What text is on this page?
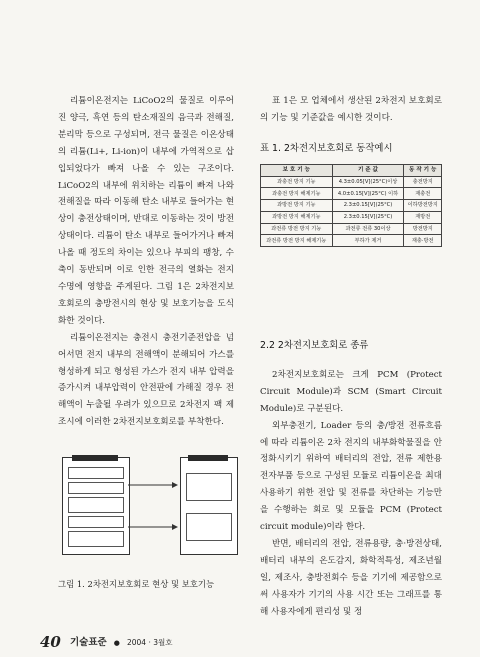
리튬이온전지는 LiCoO2의 물질로 이루어진 양극, 흑연 등의 탄소재질의 음극과 전해질, 분리막 등으로 구성되며, 전극 물질은 이온상태의 리튬(Li+, Li-ion)이 내부에 가역적으로 삽입되었다가 빠져 나올 수 있는 구조이다. LiCoO2의 내부에 위치하는 리튬이 빠져 나와 전해질을 따라 이동해 탄소 내부로 들어가는 현상이 충전상태이며, 반대로 이동하는 것이 방전상태이다. 리튬이 탄소 내부로 들어가거나 빠져 나올 때 정도의 차이는 있으나 부피의 팽창, 수축이 동반되며 이로 인한 전극의 열화는 전지 수명에 영향을 주게된다. 그림 1은 2차전지보호회로의 충방전시의 현상 및 보호기능을 도식화한 것이다.

리튬이온전지는 충전시 충전기준전압을 넘어서면 전지 내부의 전해액이 분해되어 가스를 형성하게 되고 형성된 가스가 전지 내부 압력을 증가시켜 내부압력이 안전판에 가해질 경우 전해액이 누출될 우려가 있으므로 2차전지 팩 제조시에 이러한 2차전지보호회로를 부착한다.

표 1은 모 업체에서 생산된 2차전지 보호회로의 기능 및 기준값을 예시한 것이다.

표 1. 2차전지보호회로 동작예시
보 호 기 능	기 준 값	동 작 기 능
과충전 방지 기능	4.3±0.05[V](25°C)이상	충전방지
과충전 방지 해제기능	4.0±0.15[V](25°C) 이하	재충전
과방전 방지 기능	2.3±0.15[V](25°C)	이하방전방지
과방전 방지 해제기능	2.3±0.15[V](25°C)	재방전
과전류 방전 방지 기능	과전류 전류 30이상	방전방지
과전류 방전 방지 해제기능	부하가 제거	재충·방전
2.2 2차전지보호회로 종류

2차전지보호회로는 크게 PCM (Protect Circuit Module)과 SCM (Smart Circuit Module)로 구분된다.

외부충전기, Loader 등의 충/방전 전류흐름에 따라 리튬이온 2차 전지의 내부화학물질을 안정화시키기 위하여 배터리의 전압, 전류 제한용 전자부품 등으로 구성된 모듈로 리튬이온을 최대 사용하기 위한 전압 및 전류를 차단하는 기능만을 수행하는 회로 및 모듈을 PCM (Protect circuit module)이라 한다.

반면, 배터리의 전압, 전류용량, 충·방전상태, 배터리 내부의 온도감지, 화학적특성, 제조년월일, 제조사, 충방전회수 등을 기기에 제공함으로써 사용자가 기기의 사용 시간 또는 그래프를 통해 사용자에게 편리성 및 정

그림 1. 2차전지보호회로 현상 및 보호기능
40 기술표준 ● 2004 · 3월호
